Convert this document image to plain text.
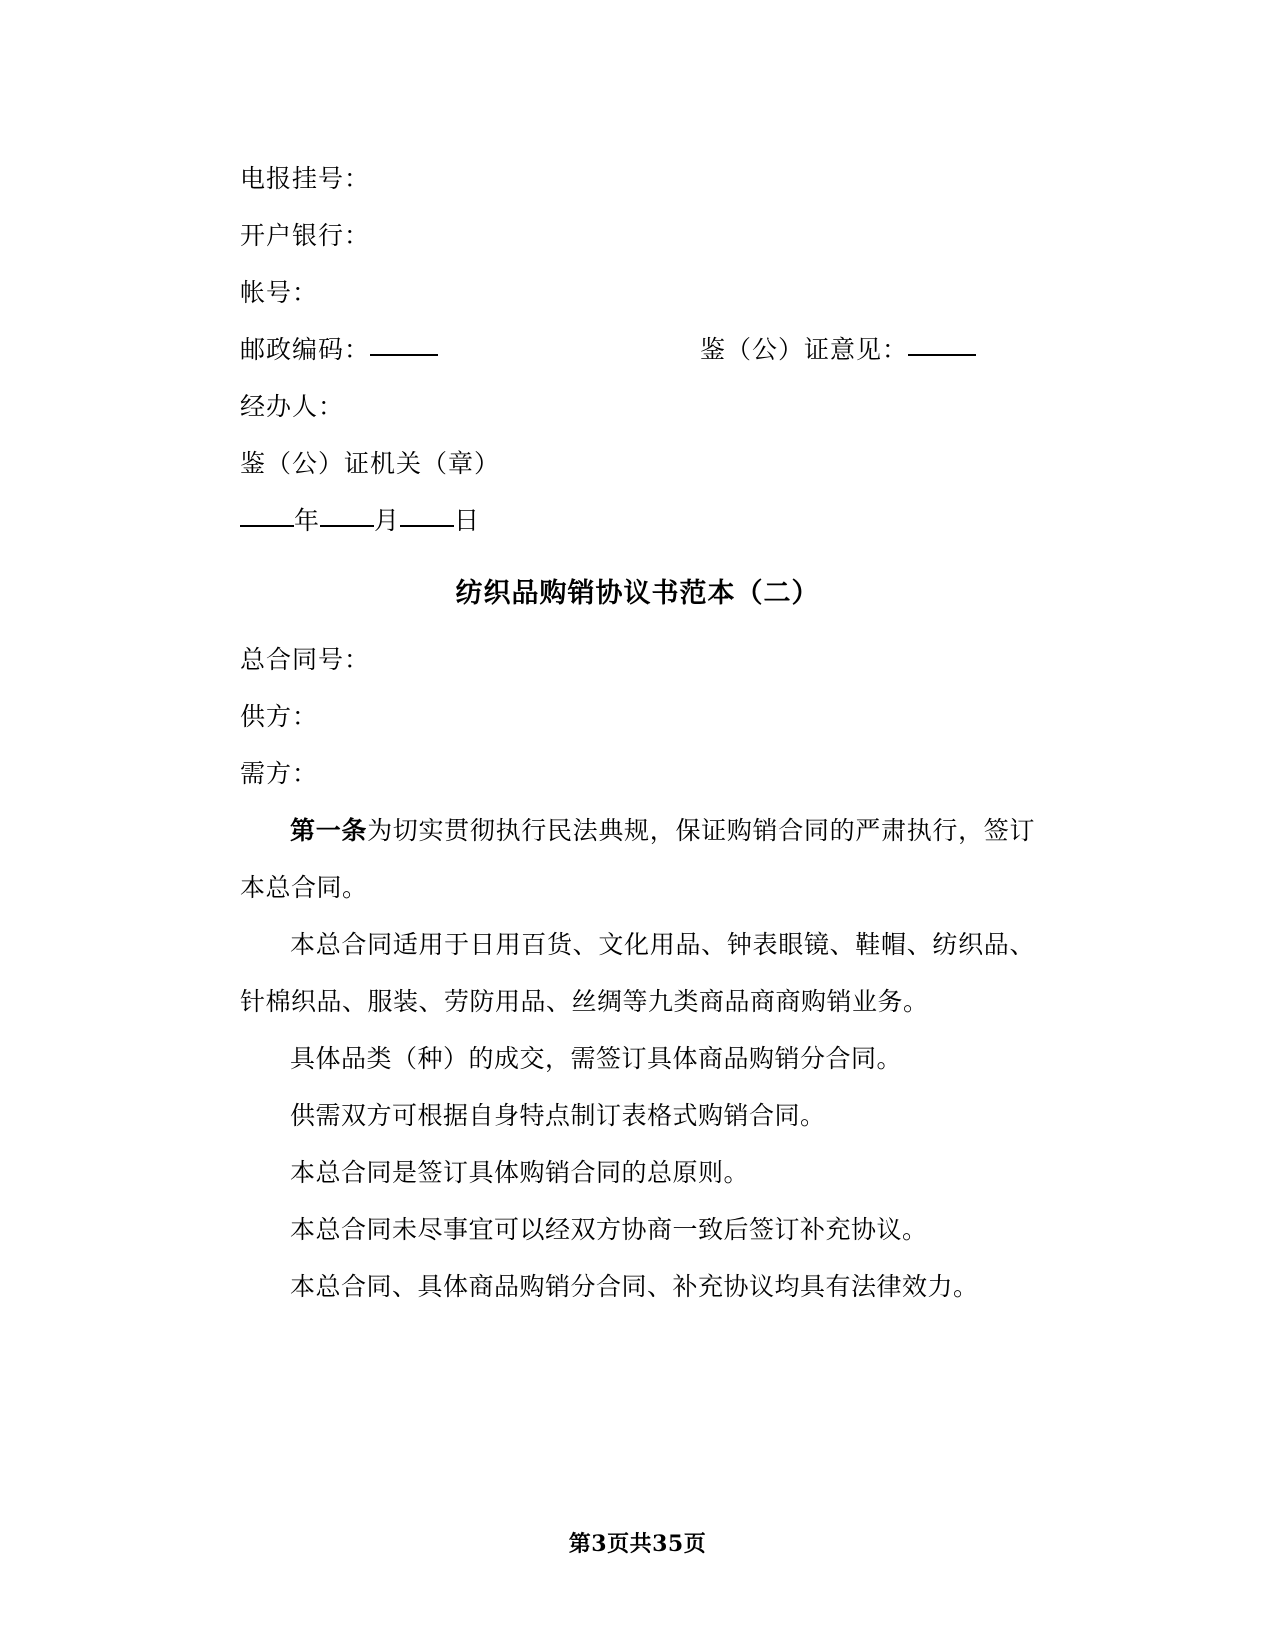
电报挂号：
开户银行：
帐号：
邮政编码：	鉴（公）证意见：
经办人：
鉴（公）证机关（章）
年 月 日
纺织品购销协议书范本（二）
总合同号：
供方：
需方：
第一条为切实贯彻执行民法典规，保证购销合同的严肃执行，签订本总合同。
本总合同适用于日用百货、文化用品、钟表眼镜、鞋帽、纺织品、针棉织品、服装、劳防用品、丝绸等九类商品商商购销业务。
具体品类（种）的成交，需签订具体商品购销分合同。
供需双方可根据自身特点制订表格式购销合同。
本总合同是签订具体购销合同的总原则。
本总合同未尽事宜可以经双方协商一致后签订补充协议。
本总合同、具体商品购销分合同、补充协议均具有法律效力。
第3页共35页
